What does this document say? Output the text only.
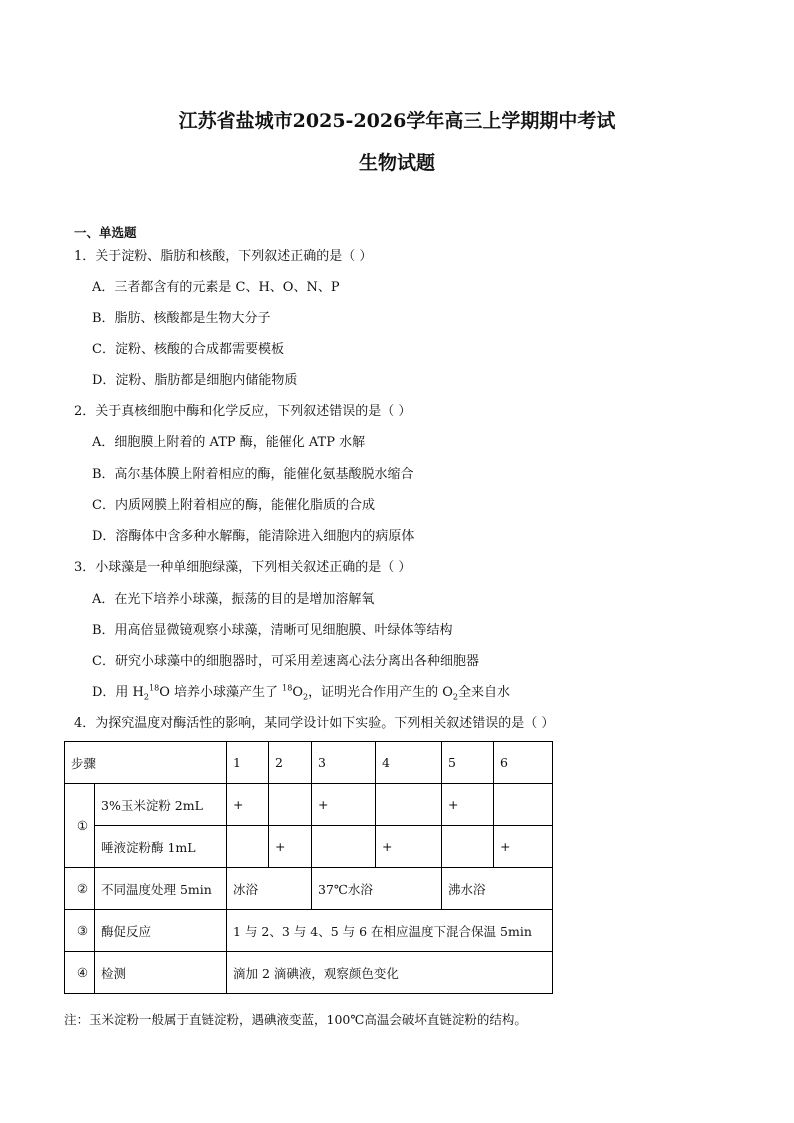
江苏省盐城市2025-2026学年高三上学期期中考试
生物试题
一、单选题
1．关于淀粉、脂肪和核酸，下列叙述正确的是（ ）
A．三者都含有的元素是 C、H、O、N、P
B．脂肪、核酸都是生物大分子
C．淀粉、核酸的合成都需要模板
D．淀粉、脂肪都是细胞内储能物质
2．关于真核细胞中酶和化学反应，下列叙述错误的是（ ）
A．细胞膜上附着的 ATP 酶，能催化 ATP 水解
B．高尔基体膜上附着相应的酶，能催化氨基酸脱水缩合
C．内质网膜上附着相应的酶，能催化脂质的合成
D．溶酶体中含多种水解酶，能清除进入细胞内的病原体
3．小球藻是一种单细胞绿藻，下列相关叙述正确的是（ ）
A．在光下培养小球藻，振荡的目的是增加溶解氧
B．用高倍显微镜观察小球藻，清晰可见细胞膜、叶绿体等结构
C．研究小球藻中的细胞器时，可采用差速离心法分离出各种细胞器
D．用 $H_2^{18}O$ 培养小球藻产生了 $^{18}O_2$，证明光合作用产生的 $O_2$全来自水
4．为探究温度对酶活性的影响，某同学设计如下实验。下列相关叙述错误的是（ ）
步骤		1	2	3	4	5	6
①	3%玉米淀粉 2mL	+		+		+	
	唾液淀粉酶 1mL		+		+		+
②	不同温度处理 5min	冰浴		37℃水浴		沸水浴	
③	酶促反应	1 与 2、3 与 4、5 与 6 在相应温度下混合保温 5min					
④	检测	滴加 2 滴碘液，观察颜色变化					
注：玉米淀粉一般属于直链淀粉，遇碘液变蓝，100℃高温会破坏直链淀粉的结构。
